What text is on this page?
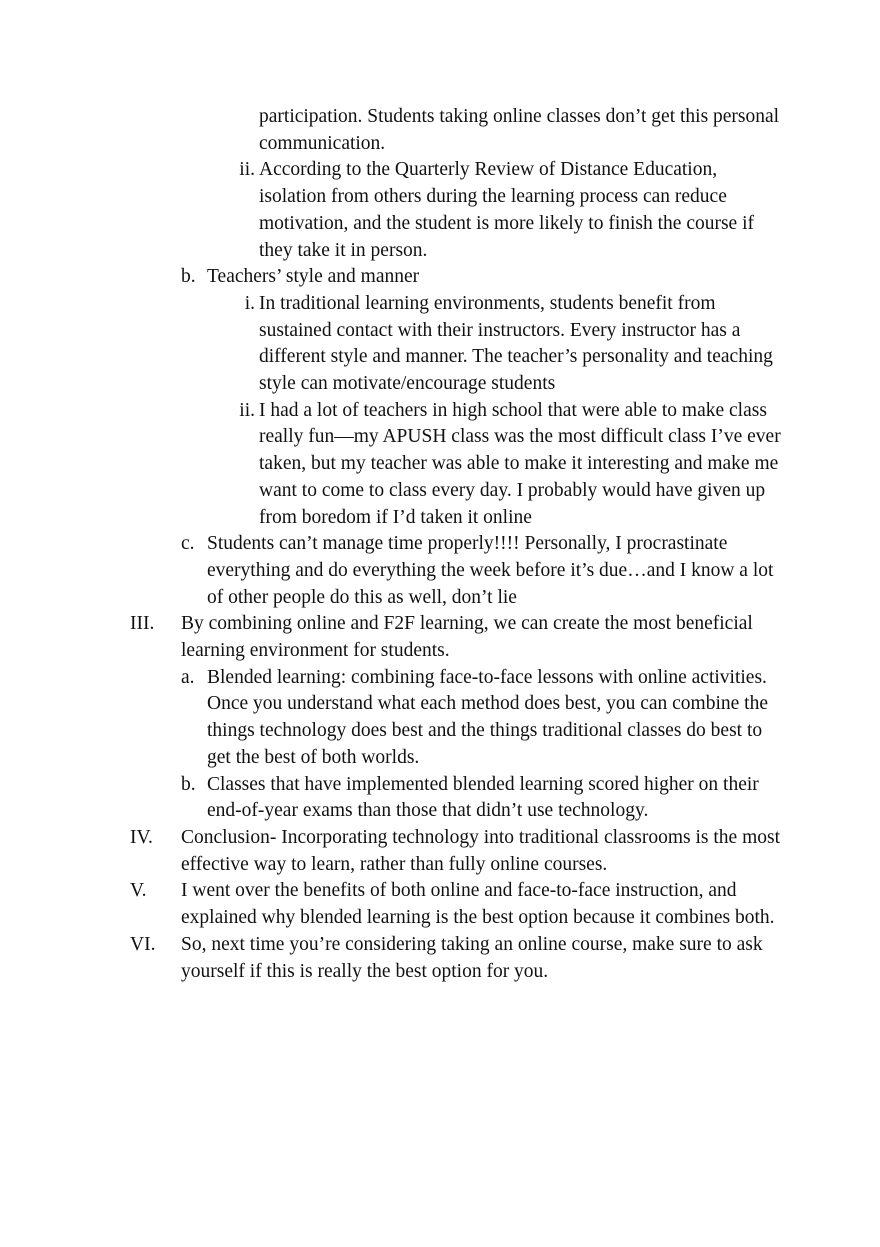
participation. Students taking online classes don’t get this personal communication.
ii. According to the Quarterly Review of Distance Education, isolation from others during the learning process can reduce motivation, and the student is more likely to finish the course if they take it in person.
b. Teachers’ style and manner
i. In traditional learning environments, students benefit from sustained contact with their instructors. Every instructor has a different style and manner. The teacher’s personality and teaching style can motivate/encourage students
ii. I had a lot of teachers in high school that were able to make class really fun—my APUSH class was the most difficult class I’ve ever taken, but my teacher was able to make it interesting and make me want to come to class every day. I probably would have given up from boredom if I’d taken it online
c. Students can’t manage time properly!!!! Personally, I procrastinate everything and do everything the week before it’s due…and I know a lot of other people do this as well, don’t lie
III. By combining online and F2F learning, we can create the most beneficial learning environment for students.
a. Blended learning: combining face-to-face lessons with online activities. Once you understand what each method does best, you can combine the things technology does best and the things traditional classes do best to get the best of both worlds.
b. Classes that have implemented blended learning scored higher on their end-of-year exams than those that didn’t use technology.
IV. Conclusion- Incorporating technology into traditional classrooms is the most effective way to learn, rather than fully online courses.
V. I went over the benefits of both online and face-to-face instruction, and explained why blended learning is the best option because it combines both.
VI. So, next time you’re considering taking an online course, make sure to ask yourself if this is really the best option for you.
